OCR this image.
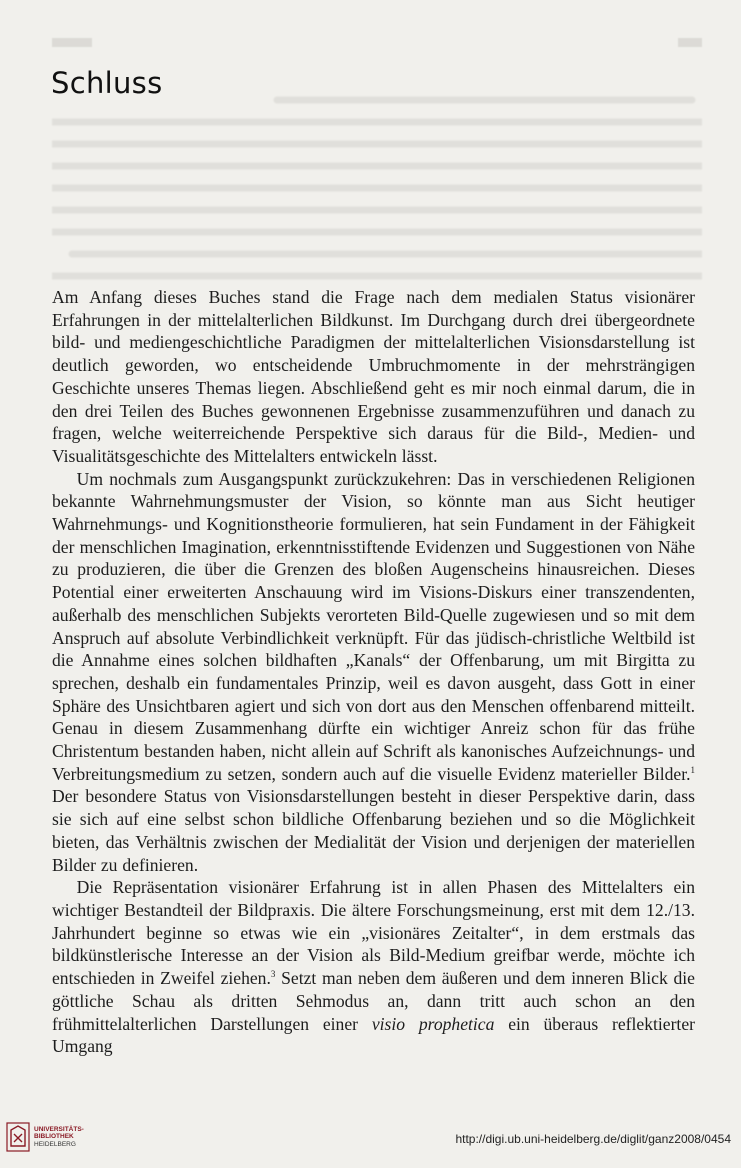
Schluss

Am Anfang dieses Buches stand die Frage nach dem medialen Status visionärer Erfahrungen in der mittelalterlichen Bildkunst. Im Durchgang durch drei übergeordnete bild- und mediengeschichtliche Paradigmen der mittelalterlichen Visionsdarstellung ist deutlich geworden, wo entscheidende Umbruchmomente in der mehrsträngigen Geschichte unseres Themas liegen. Abschließend geht es mir noch einmal darum, die in den drei Teilen des Buches gewonnenen Ergebnisse zusammenzuführen und danach zu fragen, welche weiterreichende Perspektive sich daraus für die Bild-, Medien- und Visualitätsgeschichte des Mittelalters entwickeln lässt.

Um nochmals zum Ausgangspunkt zurückzukehren: Das in verschiedenen Religionen bekannte Wahrnehmungsmuster der Vision, so könnte man aus Sicht heutiger Wahrnehmungs- und Kognitionstheorie formulieren, hat sein Fundament in der Fähigkeit der menschlichen Imagination, erkenntnisstiftende Evidenzen und Suggestionen von Nähe zu produzieren, die über die Grenzen des bloßen Augenscheins hinausreichen. Dieses Potential einer erweiterten Anschauung wird im Visions-Diskurs einer transzendenten, außerhalb des menschlichen Subjekts verorteten Bild-Quelle zugewiesen und so mit dem Anspruch auf absolute Verbindlichkeit verknüpft. Für das jüdisch-christliche Weltbild ist die Annahme eines solchen bildhaften „Kanals“ der Offenbarung, um mit Birgitta zu sprechen, deshalb ein fundamentales Prinzip, weil es davon ausgeht, dass Gott in einer Sphäre des Unsichtbaren agiert und sich von dort aus den Menschen offenbarend mitteilt. Genau in diesem Zusammenhang dürfte ein wichtiger Anreiz schon für das frühe Christentum bestanden haben, nicht allein auf Schrift als kanonisches Aufzeichnungs- und Verbreitungsmedium zu setzen, sondern auch auf die visuelle Evidenz materieller Bilder.$^1$ Der besondere Status von Visionsdarstellungen besteht in dieser Perspektive darin, dass sie sich auf eine selbst schon bildliche Offenbarung beziehen und so die Möglichkeit bieten, das Verhältnis zwischen der Medialität der Vision und derjenigen der materiellen Bilder zu definieren.

Die Repräsentation visionärer Erfahrung ist in allen Phasen des Mittelalters ein wichtiger Bestandteil der Bildpraxis. Die ältere Forschungsmeinung, erst mit dem 12./13. Jahrhundert beginne so etwas wie ein „visionäres Zeitalter“, in dem erstmals das bildkünstlerische Interesse an der Vision als Bild-Medium greifbar werde, möchte ich entschieden in Zweifel ziehen.$^3$ Setzt man neben dem äußeren und dem inneren Blick die göttliche Schau als dritten Sehmodus an, dann tritt auch schon an den frühmittelalterlichen Darstellungen einer visio prophetica ein überaus reflektierter Umgang

UNIVERSITÄTS-
BIBLIOTHEK
HEIDELBERG	http://digi.ub.uni-heidelberg.de/diglit/ganz2008/0454
